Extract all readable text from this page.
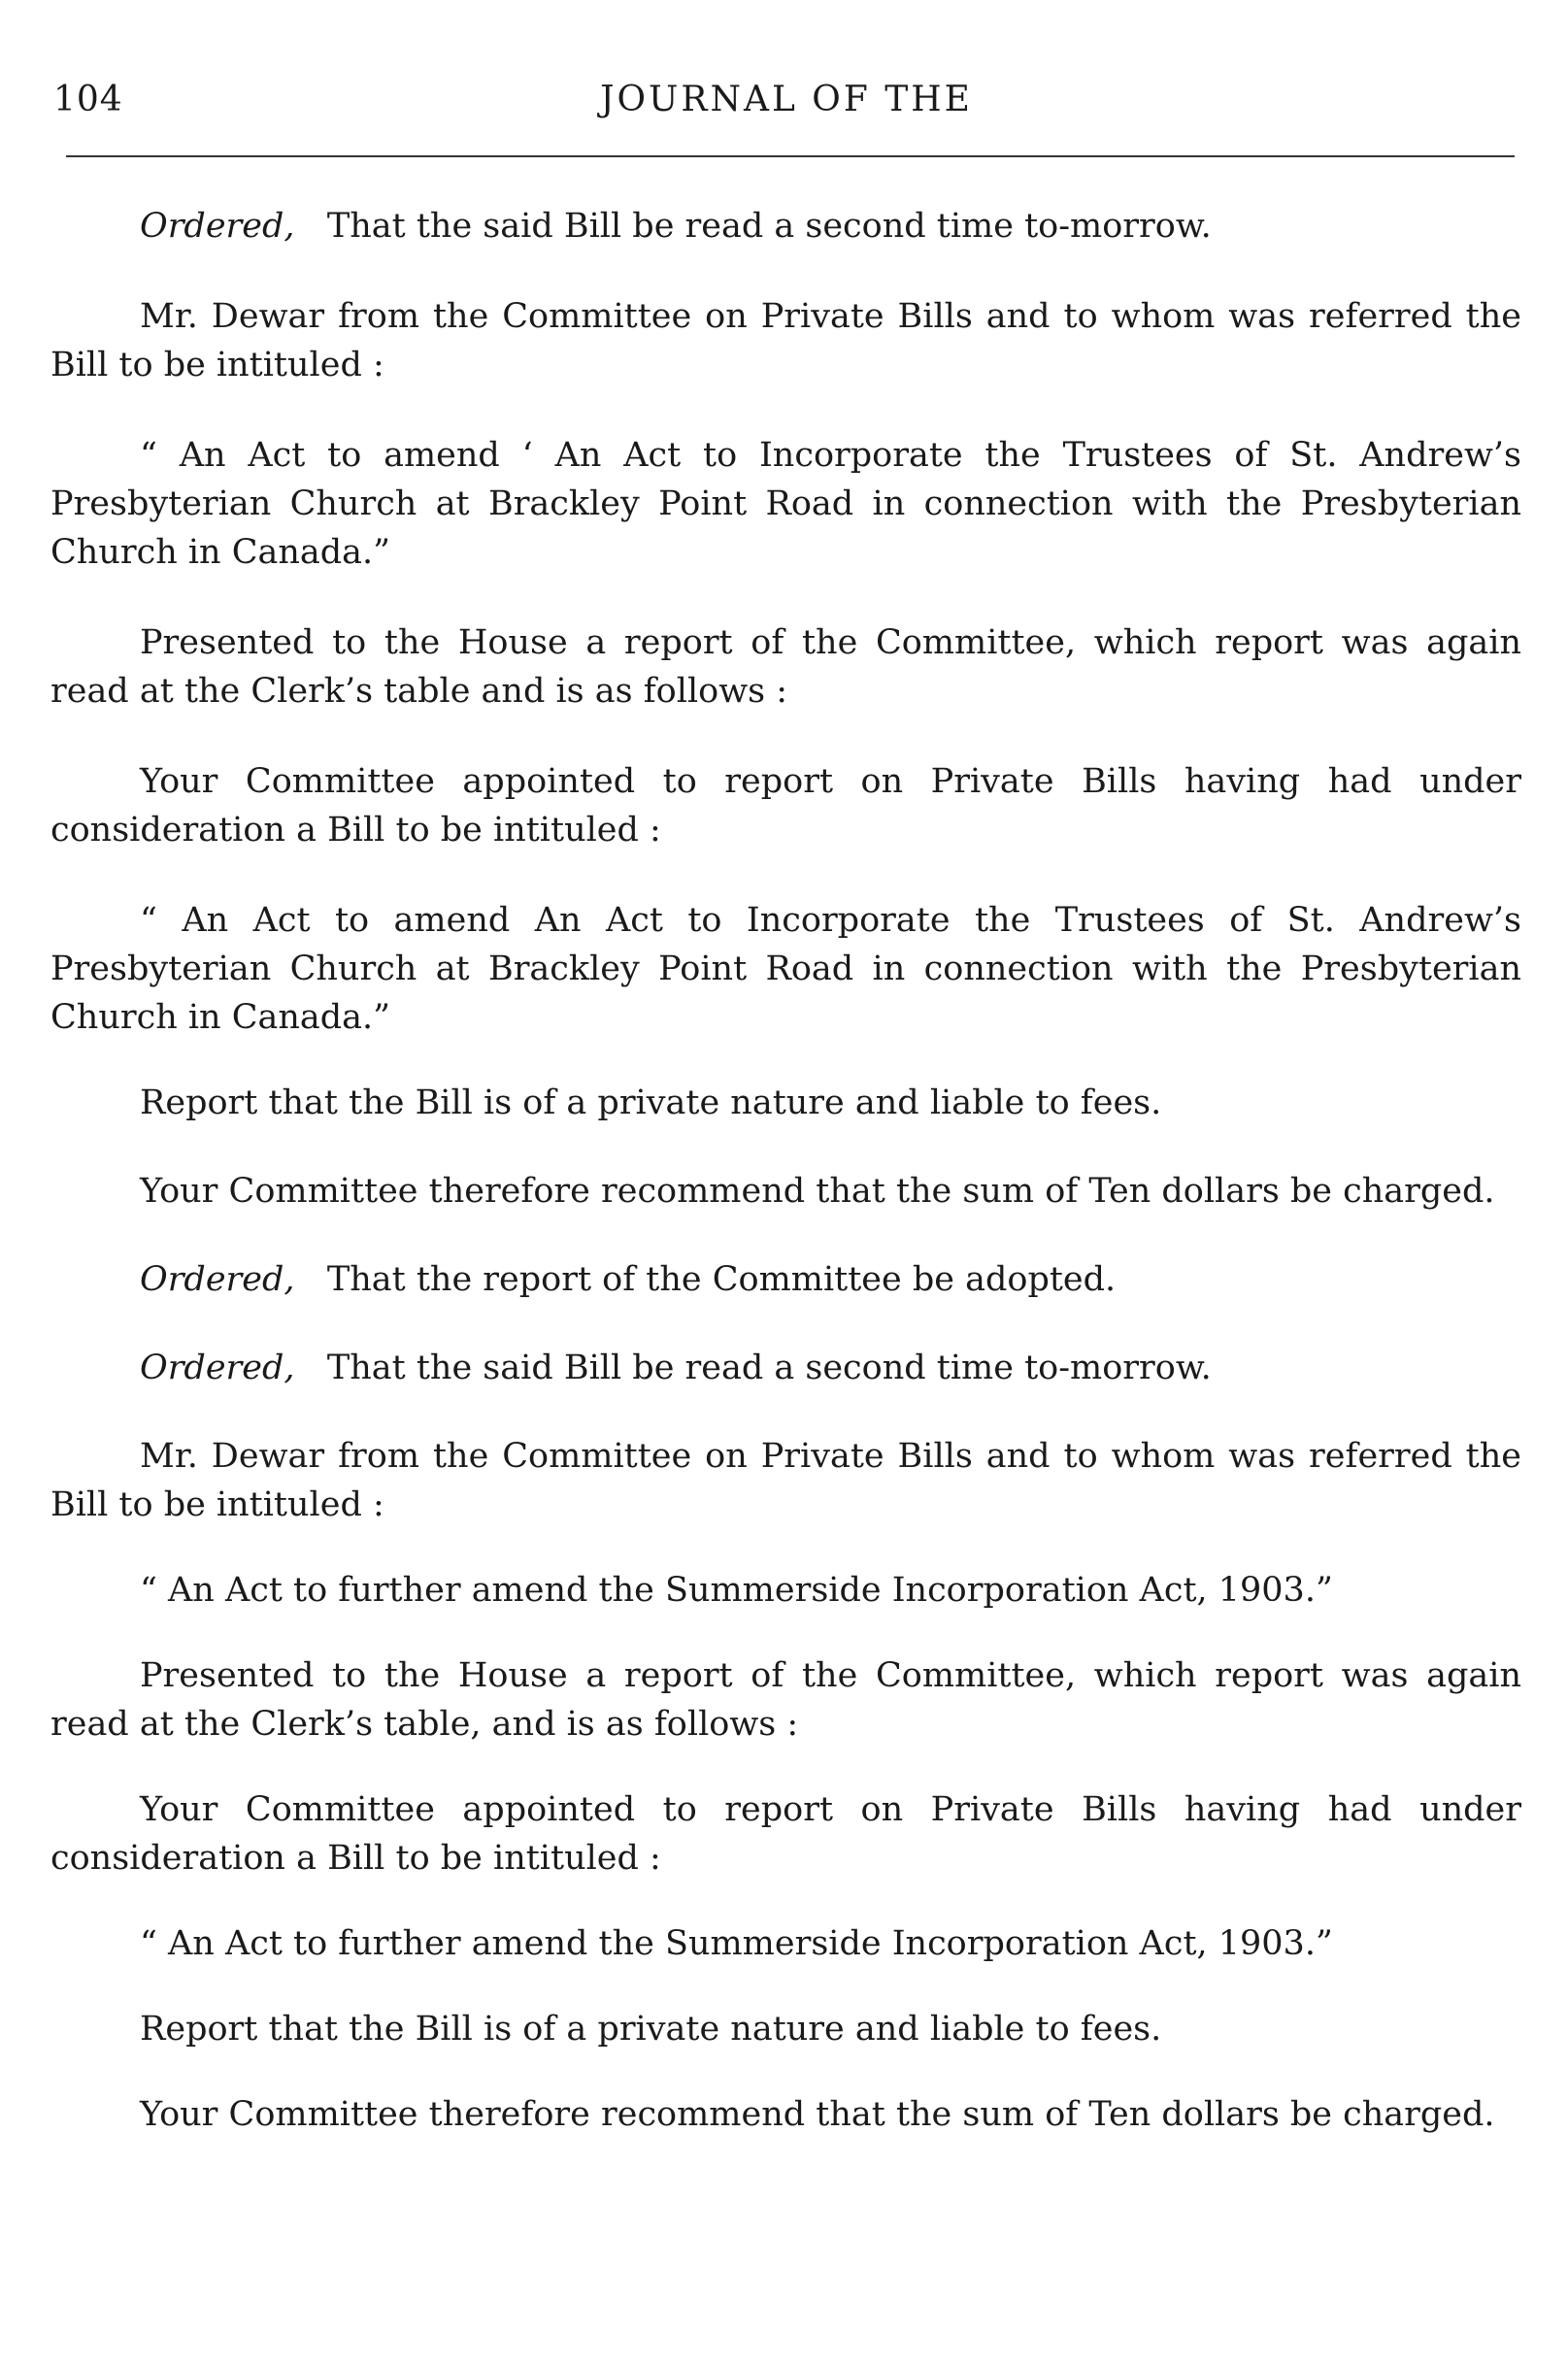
104	JOURNAL OF THE

Ordered, That the said Bill be read a second time to-morrow.

Mr. Dewar from the Committee on Private Bills and to whom was referred the Bill to be intituled :

“ An Act to amend ‘ An Act to Incorporate the Trustees of St. Andrew’s Presbyterian Church at Brackley Point Road in connection with the Presbyterian Church in Canada.”

Presented to the House a report of the Committee, which report was again read at the Clerk’s table and is as follows :

Your Committee appointed to report on Private Bills having had under consideration a Bill to be intituled :

“ An Act to amend An Act to Incorporate the Trustees of St. Andrew’s Presbyterian Church at Brackley Point Road in connection with the Presbyterian Church in Canada.”

Report that the Bill is of a private nature and liable to fees.

Your Committee therefore recommend that the sum of Ten dollars be charged.

Ordered, That the report of the Committee be adopted.

Ordered, That the said Bill be read a second time to-morrow.

Mr. Dewar from the Committee on Private Bills and to whom was referred the Bill to be intituled :

“ An Act to further amend the Summerside Incorporation Act, 1903.”

Presented to the House a report of the Committee, which report was again read at the Clerk’s table, and is as follows :

Your Committee appointed to report on Private Bills having had under consideration a Bill to be intituled :

“ An Act to further amend the Summerside Incorporation Act, 1903.”

Report that the Bill is of a private nature and liable to fees.

Your Committee therefore recommend that the sum of Ten dollars be charged.
